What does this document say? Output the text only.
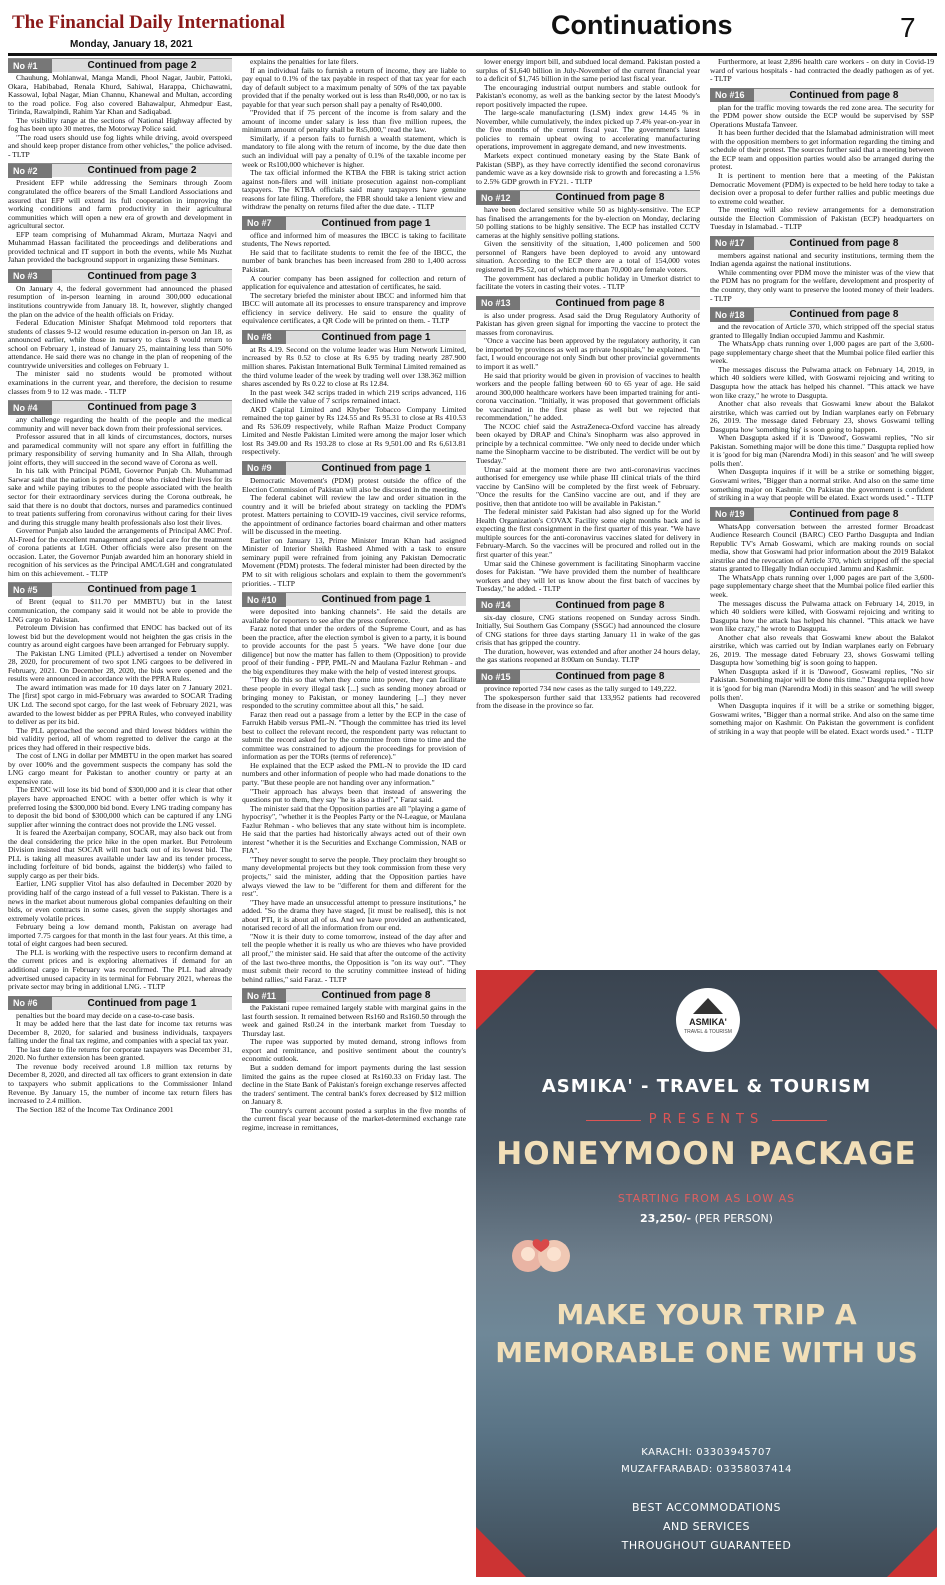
The Financial Daily International
Monday, January 18, 2021
Continuations	7
No #1	Continued from page 2

Chauhung, Mohlanwal, Manga Mandi, Phool Nagar, Jaubir, Pattoki, Okara, Habibabad, Renala Khurd, Sahiwal, Harappa, Chichawatni, Kassowal, Iqbal Nagar, Mian Channu, Khanewal and Multan, according to the road police. Fog also covered Bahawalpur, Ahmedpur East, Tirinda, Rawalpindi, Rahim Yar Khan and Sadiqabad.

The visibility range at the sections of National Highway affected by fog has been upto 30 metres, the Motorway Police said.

"The road users should use fog lights while driving, avoid overspeed and should keep proper distance from other vehicles," the police advised. - TLTP

No #2	Continued from page 2

President EFP while addressing the Seminars through Zoom congratulated the office bearers of the Small Landlord Associations and assured that EFP will extend its full cooperation in improving the working conditions and farm productivity in their agricultural communities which will open a new era of growth and development in agricultural sector.

EFP team comprising of Muhammad Akram, Murtaza Naqvi and Muhammad Hassan facilitated the proceedings and deliberations and provided technical and IT support in both the events, while Ms Nuzhat Jahan provided the background support in organizing these Seminars.

No #3	Continued from page 3

On January 4, the federal government had announced the phased resumption of in-person learning in around 300,000 educational institutions countrywide from January 18. It, however, slightly changed the plan on the advice of the health officials on Friday.

Federal Education Minister Shafqat Mehmood told reporters that students of classes 9-12 would resume education in-person on Jan 18, as announced earlier, while those in nursery to class 8 would return to school on February 1, instead of January 25, maintaining less than 50% attendance. He said there was no change in the plan of reopening of the countrywide universities and colleges on February 1.

The minister said no students would be promoted without examinations in the current year, and therefore, the decision to resume classes from 9 to 12 was made. - TLTP

No #4	Continued from page 3

any challenge regarding the health of the people and the medical community and will never back down from their professional services.

Professor assured that in all kinds of circumstances, doctors, nurses and paramedical community will not spare any effort in fulfilling the primary responsibility of serving humanity and In Sha Allah, through joint efforts, they will succeed in the second wave of Corona as well.

In his talk with Principal PGMI, Governor Punjab Ch. Muhammad Sarwar said that the nation is proud of those who risked their lives for its sake and while paying tributes to the people associated with the health sector for their extraordinary services during the Corona outbreak, he said that there is no doubt that doctors, nurses and paramedics continued to treat patients suffering from coronavirus without caring for their lives and during this struggle many health professionals also lost their lives.

Governor Punjab also lauded the arrangements of Principal AMC Prof. Al-Freed for the excellent management and special care for the treatment of corona patients at LGH. Other officials were also present on the occasion. Later, the Governor Punjab awarded him an honorary shield in recognition of his services as the Principal AMC/LGH and congratulated him on this achievement. - TLTP

No #5	Continued from page 1

of Brent (equal to $11.70 per MMBTU) but in the latest communication, the company said it would not be able to provide the LNG cargo to Pakistan.

Petroleum Division has confirmed that ENOC has backed out of its lowest bid but the development would not heighten the gas crisis in the country as around eight cargoes have been arranged for February supply.

The Pakistan LNG Limited (PLL) advertised a tender on November 28, 2020, for procurement of two spot LNG cargoes to be delivered in February, 2021. On December 28, 2020, the bids were opened and the results were announced in accordance with the PPRA Rules.

The award intimation was made for 10 days later on 7 January 2021. The [first] spot cargo in mid-February was awarded to SOCAR Trading UK Ltd. The second spot cargo, for the last week of February 2021, was awarded to the lowest bidder as per PPRA Rules, who conveyed inability to deliver as per its bid.

The PLL approached the second and third lowest bidders within the bid validity period, all of whom regretted to deliver the cargo at the prices they had offered in their respective bids.

The cost of LNG in dollar per MMBTU in the open market has soared by over 100% and the government suspects the company has sold the LNG cargo meant for Pakistan to another country or party at an expensive rate.

The ENOC will lose its bid bond of $300,000 and it is clear that other players have approached ENOC with a better offer which is why it preferred losing the $300,000 bid bond. Every LNG trading company has to deposit the bid bond of $300,000 which can be captured if any LNG supplier after winning the contract does not provide the LNG vessel.

It is feared the Azerbaijan company, SOCAR, may also back out from the deal considering the price hike in the open market. But Petroleum Division insisted that SOCAR will not back out of its lowest bid. The PLL is taking all measures available under law and its tender process, including forfeiture of bid bonds, against the bidder(s) who failed to supply cargo as per their bids.

Earlier, LNG supplier Vitol has also defaulted in December 2020 by providing half of the cargo instead of a full vessel to Pakistan. There is a news in the market about numerous global companies defaulting on their bids, or even contracts in some cases, given the supply shortages and extremely volatile prices.

February being a low demand month, Pakistan on average had imported 7.75 cargoes for that month in the last four years. At this time, a total of eight cargoes had been secured.

The PLL is working with the respective users to reconfirm demand at the current prices and is exploring alternatives if demand for an additional cargo in February was reconfirmed. The PLL had already advertised unused capacity in its terminal for February 2021, whereas the private sector may bring in additional LNG. - TLTP

No #6	Continued from page 1

penalties but the board may decide on a case-to-case basis.

It may be added here that the last date for income tax returns was December 8, 2020, for salaried and business individuals, taxpayers falling under the final tax regime, and companies with a special tax year.

The last date to file returns for corporate taxpayers was December 31, 2020. No further extension has been granted.

The revenue body received around 1.8 million tax returns by December 8, 2020, and directed all tax officers to grant extension in date to taxpayers who submit applications to the Commissioner Inland Revenue. By January 15, the number of income tax return filers has increased to 2.4 million.

The Section 182 of the Income Tax Ordinance 2001

explains the penalties for late filers.

If an individual fails to furnish a return of income, they are liable to pay equal to 0.1% of the tax payable in respect of that tax year for each day of default subject to a maximum penalty of 50% of the tax payable provided that if the penalty worked out is less than Rs40,000, or no tax is payable for that year such person shall pay a penalty of Rs40,000.

"Provided that if 75 percent of the income is from salary and the amount of income under salary is less than five million rupees, the minimum amount of penalty shall be Rs5,000," read the law.

Similarly, if a person fails to furnish a wealth statement, which is mandatory to file along with the return of income, by the due date then such an individual will pay a penalty of 0.1% of the taxable income per week or Rs100,000 whichever is higher.

The tax official informed the KTBA the FBR is taking strict action against non-filers and will initiate prosecution against non-compliant taxpayers. The KTBA officials said many taxpayers have genuine reasons for late filing. Therefore, the FBR should take a lenient view and withdraw the penalty on returns filed after the due date. - TLTP

No #7	Continued from page 1

office and informed him of measures the IBCC is taking to facilitate students, The News reported.

He said that to facilitate students to remit the fee of the IBCC, the number of bank branches has been increased from 280 to 1,400 across Pakistan.

A courier company has been assigned for collection and return of application for equivalence and attestation of certificates, he said.

The secretary briefed the minister about IBCC and informed him that IBCC will automate all its processes to ensure transparency and improve efficiency in service delivery. He said to ensure the quality of equivalence certificates, a QR Code will be printed on them. - TLTP

No #8	Continued from page 1

at Rs 4.19. Second on the volume leader was Hum Network Limited, increased by Rs 0.52 to close at Rs 6.95 by trading nearly 287.900 million shares. Pakistan International Bulk Terminal Limited remained as the third volume leader of the week by trading well over 138.362 million shares ascended by Rs 0.22 to close at Rs 12.84.

In the past week 342 scrips traded in which 219 scrips advanced, 116 declined while the value of 7 scrips remained intact.

AKD Capital Limited and Khyber Tobacco Company Limited remained the top gainer by Rs 124.55 and Rs 95.31 to close at Rs 410.53 and Rs 536.09 respectively, while Rafhan Maize Product Company Limited and Nestle Pakistan Limited were among the major loser which lost Rs 349.00 and Rs 193.28 to close at Rs 9,501.00 and Rs 6,613.81 respectively.

No #9	Continued from page 1

Democratic Movement's (PDM) protest outside the office of the Election Commission of Pakistan will also be discussed in the meeting.

The federal cabinet will review the law and order situation in the country and it will be briefed about strategy on tackling the PDM's protest. Matters pertaining to COVID-19 vaccines, civil service reforms, the appointment of ordinance factories board chairman and other matters will be discussed in the meeting.

Earlier on January 13, Prime Minister Imran Khan had assigned Minister of Interior Sheikh Rasheed Ahmed with a task to ensure seminary pupil were refrained from joining any Pakistan Democratic Movement (PDM) protests. The federal minister had been directed by the PM to sit with religious scholars and explain to them the government's priorities. - TLTP

No #10	Continued from page 1

were deposited into banking channels". He said the details are available for reporters to see after the press conference.

Faraz noted that under the orders of the Supreme Court, and as has been the practice, after the election symbol is given to a party, it is bound to provide accounts for the past 5 years. "We have done [our due diligence] but now the matter has fallen to them (Opposition) to provide proof of their funding - PPP, PML-N and Maulana Fazlur Rehman - and the big expenditures they make with the help of vested interest groups.

"They do this so that when they come into power, they can facilitate these people in every illegal task [...] such as sending money abroad or bringing money to Pakistan, or money laundering [...] they never responded to the scrutiny committee about all this," he said.

Faraz then read out a passage from a letter by the ECP in the case of Farrukh Habib versus PML-N. "Though the committee has tried its level best to collect the relevant record, the respondent party was reluctant to submit the record asked for by the committee from time to time and the committee was constrained to adjourn the proceedings for provision of information as per the TORs (terms of reference)."

He explained that the ECP asked the PML-N to provide the ID card numbers and other information of people who had made donations to the party. "But these people are not handing over any information."

"Their approach has always been that instead of answering the questions put to them, they say "he is also a thief"," Faraz said.

The minister said that the Opposition parties are all "playing a game of hypocrisy", "whether it is the Peoples Party or the N-League, or Maulana Fazlur Rehman - who believes that any state without him is incomplete. He said that the parties had historically always acted out of their own interest "whether it is the Securities and Exchange Commission, NAB or FIA".

"They never sought to serve the people. They proclaim they brought so many developmental projects but they took commission from these very projects," said the minister, adding that the Opposition parties have always viewed the law to be "different for them and different for the rest".

"They have made an unsuccessful attempt to pressure institutions," he added. "So the drama they have staged, [it must be realised], this is not about PTI, it is about all of us. And we have provided an authenticated, notarised record of all the information from our end.

"Now it is their duty to come tomorrow, instead of the day after and tell the people whether it is really us who are thieves who have provided all proof," the minister said. He said that after the outcome of the activity of the last two-three months, the Opposition is "on its way out". "They must submit their record to the scrutiny committee instead of hiding behind rallies," said Faraz. - TLTP

No #11	Continued from page 8

the Pakistani rupee remained largely stable with marginal gains in the last fourth session. It remained between Rs160 and Rs160.50 through the week and gained Rs0.24 in the interbank market from Tuesday to Thursday last.

The rupee was supported by muted demand, strong inflows from export and remittance, and positive sentiment about the country's economic outlook.

But a sudden demand for import payments during the last session limited the gains as the rupee closed at Rs160.33 on Friday last. The decline in the State Bank of Pakistan's foreign exchange reserves affected the traders' sentiment. The central bank's forex decreased by $12 million on January 8.

The country's current account posted a surplus in the five months of the current fiscal year because of the market-determined exchange rate regime, increase in remittances,

lower energy import bill, and subdued local demand. Pakistan posted a surplus of $1,640 billion in July-November of the current financial year to a deficit of $1,745 billion in the same period last fiscal year.

The encouraging industrial output numbers and stable outlook for Pakistan's economy, as well as the banking sector by the latest Moody's report positively impacted the rupee.

The large-scale manufacturing (LSM) index grew 14.45 % in November, while cumulatively, the index picked up 7.4% year-on-year in the five months of the current fiscal year. The government's latest policies to remain upbeat owing to accelerating manufacturing operations, improvement in aggregate demand, and new investments.

Markets expect continued monetary easing by the State Bank of Pakistan (SBP), as they have correctly identified the second coronavirus pandemic wave as a key downside risk to growth and forecasting a 1.5% to 2.5% GDP growth in FY21. - TLTP

No #12	Continued from page 8

have been declared sensitive while 50 as highly-sensitive. The ECP has finalised the arrangements for the by-election on Monday, declaring 50 polling stations to be highly sensitive. The ECP has installed CCTV cameras at the highly sensitive polling stations.

Given the sensitivity of the situation, 1,400 policemen and 500 personnel of Rangers have been deployed to avoid any untoward situation. According to the ECP there are a total of 154,000 votes registered in PS-52, out of which more than 70,000 are female voters.

The government has declared a public holiday in Umerkot district to facilitate the voters in casting their votes. - TLTP

No #13	Continued from page 8

is also under progress. Asad said the Drug Regulatory Authority of Pakistan has given green signal for importing the vaccine to protect the masses from coronavirus.

"Once a vaccine has been approved by the regulatory authority, it can be imported by provinces as well as private hospitals," he explained. "In fact, I would encourage not only Sindh but other provincial governments to import it as well."

He said that priority would be given in provision of vaccines to health workers and the people falling between 60 to 65 year of age. He said around 300,000 healthcare workers have been imparted training for anti-corona vaccination. "Initially, it was proposed that government officials be vaccinated in the first phase as well but we rejected that recommendation," he added.

The NCOC chief said the AstraZeneca-Oxford vaccine has already been okayed by DRAP and China's Sinopharm was also approved in principle by a technical committee. "We only need to decide under which name the Sinopharm vaccine to be distributed. The verdict will be out by Tuesday."

Umar said at the moment there are two anti-coronavirus vaccines authorised for emergency use while phase III clinical trials of the third vaccine by CanSino will be completed by the first week of February. "Once the results for the CanSino vaccine are out, and if they are positive, then that antidote too will be available in Pakistan."

The federal minister said Pakistan had also signed up for the World Health Organization's COVAX Facility some eight months back and is expecting the first consignment in the first quarter of this year. "We have multiple sources for the anti-coronavirus vaccines slated for delivery in February-March. So the vaccines will be procured and rolled out in the first quarter of this year."

Umar said the Chinese government is facilitating Sinopharm vaccine doses for Pakistan. "We have provided them the number of healthcare workers and they will let us know about the first batch of vaccines by Tuesday," he added. - TLTP

No #14	Continued from page 8

six-day closure, CNG stations reopened on Sunday across Sindh. Initially, Sui Southern Gas Company (SSGC) had announced the closure of CNG stations for three days starting January 11 in wake of the gas crisis that has gripped the country.

The duration, however, was extended and after another 24 hours delay, the gas stations reopened at 8:00am on Sunday. TLTP

No #15	Continued from page 8

province reported 734 new cases as the tally surged to 149,222.

The spokesperson further said that 133,952 patients had recovered from the disease in the province so far.

Furthermore, at least 2,896 health care workers - on duty in Covid-19 ward of various hospitals - had contracted the deadly pathogen as of yet. - TLTP

No #16	Continued from page 8

plan for the traffic moving towards the red zone area. The security for the PDM power show outside the ECP would be supervised by SSP Operations Mustafa Tanveer.

It has been further decided that the Islamabad administration will meet with the opposition members to get information regarding the timing and schedule of their protest. The sources further said that a meeting between the ECP team and opposition parties would also be arranged during the protest.

It is pertinent to mention here that a meeting of the Pakistan Democratic Movement (PDM) is expected to be held here today to take a decision over a proposal to defer further rallies and public meetings due to extreme cold weather.

The meeting will also review arrangements for a demonstration outside the Election Commission of Pakistan (ECP) headquarters on Tuesday in Islamabad. - TLTP

No #17	Continued from page 8

members against national and security institutions, terming them the Indian agenda against the national institutions.

While commenting over PDM move the minister was of the view that the PDM has no program for the welfare, development and prosperity of the country, they only want to preserve the looted money of their leaders. - TLTP

No #18	Continued from page 8

and the revocation of Article 370, which stripped off the special status granted to Illegally Indian occupied Jammu and Kashmir.

The WhatsApp chats running over 1,000 pages are part of the 3,600-page supplementary charge sheet that the Mumbai police filed earlier this week.

The messages discuss the Pulwama attack on February 14, 2019, in which 40 soldiers were killed, with Goswami rejoicing and writing to Dasgupta how the attack has helped his channel. "This attack we have won like crazy," he wrote to Dasgupta.

Another chat also reveals that Goswami knew about the Balakot airstrike, which was carried out by Indian warplanes early on February 26, 2019. The message dated February 23, shows Goswami telling Dasgupta how 'something big' is soon going to happen.

When Dasgupta asked if it is 'Dawood', Goswami replies, "No sir Pakistan. Something major will be done this time." Dasgupta replied how it is 'good for big man (Narendra Modi) in this season' and 'he will sweep polls then'.

When Dasgupta inquires if it will be a strike or something bigger, Goswami writes, "Bigger than a normal strike. And also on the same time something major on Kashmir. On Pakistan the government is confident of striking in a way that people will be elated. Exact words used." - TLTP

No #19	Continued from page 8

WhatsApp conversation between the arrested former Broadcast Audience Research Council (BARC) CEO Partho Dasgupta and Indian Republic TV's Arnab Goswami, which are making rounds on social media, show that Goswami had prior information about the 2019 Balakot airstrike and the revocation of Article 370, which stripped off the special status granted to Illegally Indian occupied Jammu and Kashmir.

The WhatsApp chats running over 1,000 pages are part of the 3,600-page supplementary charge sheet that the Mumbai police filed earlier this week.

The messages discuss the Pulwama attack on February 14, 2019, in which 40 soldiers were killed, with Goswami rejoicing and writing to Dasgupta how the attack has helped his channel. "This attack we have won like crazy," he wrote to Dasgupta.

Another chat also reveals that Goswami knew about the Balakot airstrike, which was carried out by Indian warplanes early on February 26, 2019. The message dated February 23, shows Goswami telling Dasgupta how 'something big' is soon going to happen.

When Dasgupta asked if it is 'Dawood', Goswami replies, "No sir Pakistan. Something major will be done this time." Dasgupta replied how it is 'good for big man (Narendra Modi) in this season' and 'he will sweep polls then'.

When Dasgupta inquires if it will be a strike or something bigger, Goswami writes, "Bigger than a normal strike. And also on the same time something major on Kashmir. On Pakistan the government is confident of striking in a way that people will be elated. Exact words used." - TLTP

ASMIKA'
TRAVEL & TOURISM
ASMIKA' - TRAVEL & TOURISM
PRESENTS
HONEYMOON PACKAGE
STARTING FROM AS LOW AS
23,250/- (PER PERSON)
MAKE YOUR TRIP A
MEMORABLE ONE WITH US
KARACHI: 03303945707
MUZAFFARABAD: 03358037414
BEST ACCOMMODATIONS
AND SERVICES
THROUGHOUT GUARANTEED
